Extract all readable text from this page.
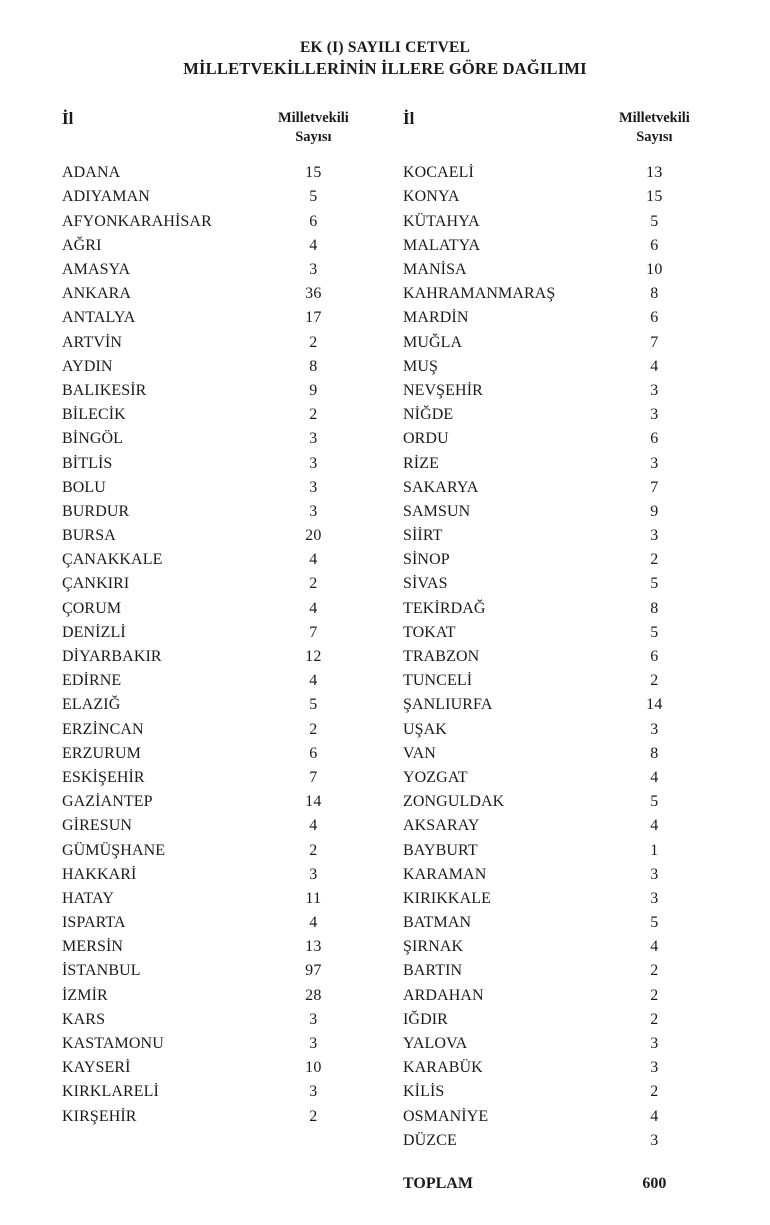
EK (I) SAYILI CETVEL
MİLLETVEKİLLERİNİN İLLERE GÖRE DAĞILIMI
İl	Milletvekili
Sayısı
İl	Milletvekili
Sayısı
ADANA	15
ADIYAMAN	5
AFYONKARAHİSAR	6
AĞRI	4
AMASYA	3
ANKARA	36
ANTALYA	17
ARTVİN	2
AYDIN	8
BALIKESİR	9
BİLECİK	2
BİNGÖL	3
BİTLİS	3
BOLU	3
BURDUR	3
BURSA	20
ÇANAKKALE	4
ÇANKIRI	2
ÇORUM	4
DENİZLİ	7
DİYARBAKIR	12
EDİRNE	4
ELAZIĞ	5
ERZİNCAN	2
ERZURUM	6
ESKİŞEHİR	7
GAZİANTEP	14
GİRESUN	4
GÜMÜŞHANE	2
HAKKARİ	3
HATAY	11
ISPARTA	4
MERSİN	13
İSTANBUL	97
İZMİR	28
KARS	3
KASTAMONU	3
KAYSERİ	10
KIRKLARELİ	3
KIRŞEHİR	2
KOCAELİ	13
KONYA	15
KÜTAHYA	5
MALATYA	6
MANİSA	10
KAHRAMANMARAŞ	8
MARDİN	6
MUĞLA	7
MUŞ	4
NEVŞEHİR	3
NİĞDE	3
ORDU	6
RİZE	3
SAKARYA	7
SAMSUN	9
SİİRT	3
SİNOP	2
SİVAS	5
TEKİRDAĞ	8
TOKAT	5
TRABZON	6
TUNCELİ	2
ŞANLIURFA	14
UŞAK	3
VAN	8
YOZGAT	4
ZONGULDAK	5
AKSARAY	4
BAYBURT	1
KARAMAN	3
KIRIKKALE	3
BATMAN	5
ŞIRNAK	4
BARTIN	2
ARDAHAN	2
IĞDIR	2
YALOVA	3
KARABÜK	3
KİLİS	2
OSMANİYE	4
DÜZCE	3
TOPLAM	600
